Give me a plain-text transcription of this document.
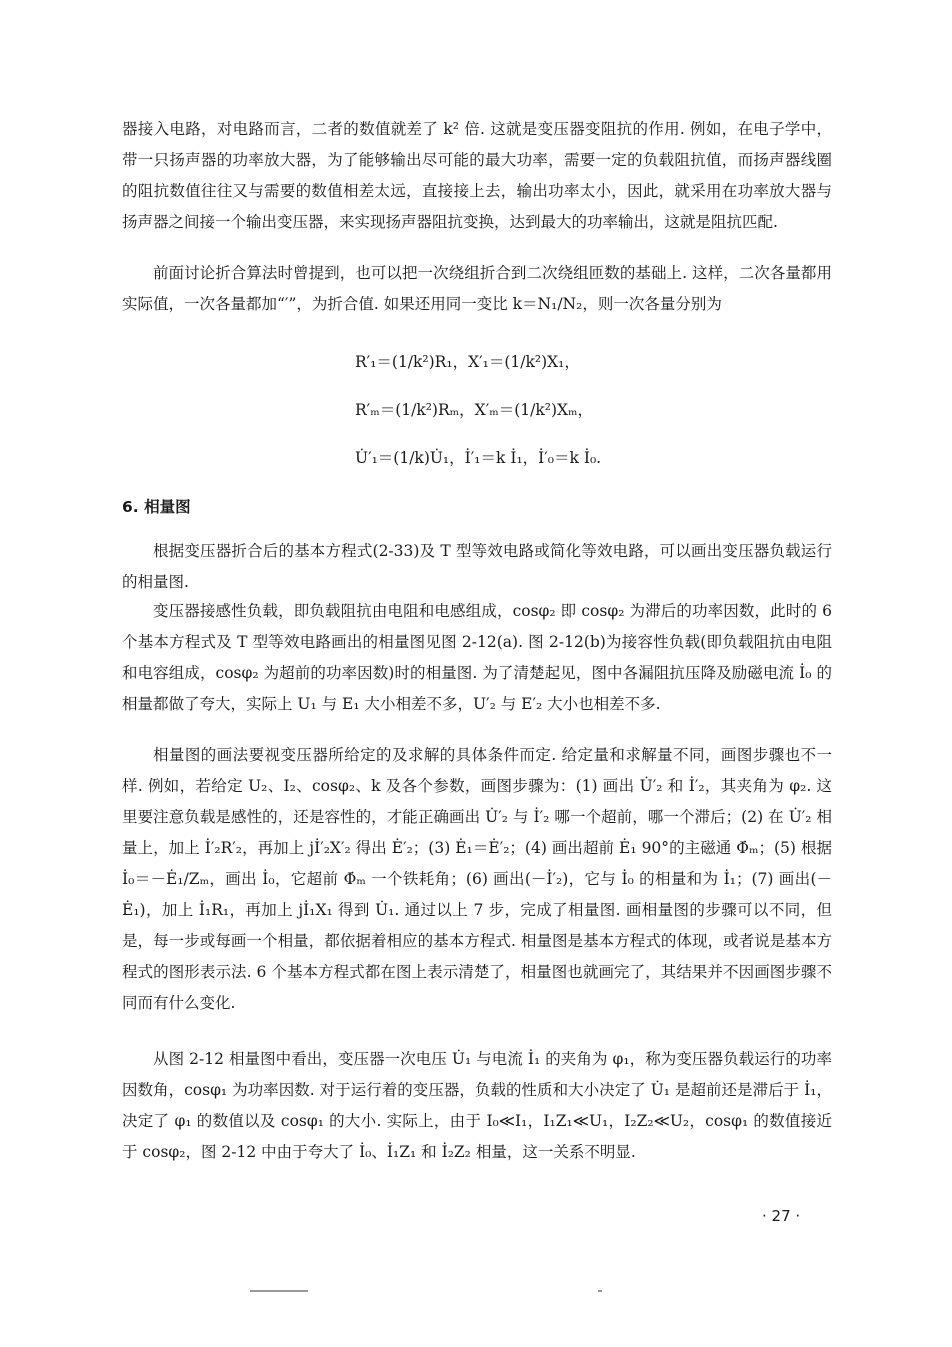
器接入电路，对电路而言，二者的数值就差了 k² 倍. 这就是变压器变阻抗的作用. 例如，在电子学中，带一只扬声器的功率放大器，为了能够输出尽可能的最大功率，需要一定的负载阻抗值，而扬声器线圈的阻抗数值往往又与需要的数值相差太远，直接接上去，输出功率太小，因此，就采用在功率放大器与扬声器之间接一个输出变压器，来实现扬声器阻抗变换，达到最大的功率输出，这就是阻抗匹配.

前面讨论折合算法时曾提到，也可以把一次绕组折合到二次绕组匝数的基础上. 这样，二次各量都用实际值，一次各量都加“′”，为折合值. 如果还用同一变比 k＝N₁/N₂，则一次各量分别为

R′₁＝(1/k²)R₁，X′₁＝(1/k²)X₁，
R′ₘ＝(1/k²)Rₘ，X′ₘ＝(1/k²)Xₘ，
U̇′₁＝(1/k)U̇₁，İ′₁＝k İ₁，İ′₀＝k İ₀.
6. 相量图

根据变压器折合后的基本方程式(2-33)及 T 型等效电路或简化等效电路，可以画出变压器负载运行的相量图.

变压器接感性负载，即负载阻抗由电阻和电感组成，cosφ₂ 即 cosφ₂ 为滞后的功率因数，此时的 6 个基本方程式及 T 型等效电路画出的相量图见图 2-12(a). 图 2-12(b)为接容性负载(即负载阻抗由电阻和电容组成，cosφ₂ 为超前的功率因数)时的相量图. 为了清楚起见，图中各漏阻抗压降及励磁电流 İ₀ 的相量都做了夸大，实际上 U₁ 与 E₁ 大小相差不多，U′₂ 与 E′₂ 大小也相差不多.

相量图的画法要视变压器所给定的及求解的具体条件而定. 给定量和求解量不同，画图步骤也不一样. 例如，若给定 U₂、I₂、cosφ₂、k 及各个参数，画图步骤为：(1) 画出 U̇′₂ 和 İ′₂，其夹角为 φ₂. 这里要注意负载是感性的，还是容性的，才能正确画出 U̇′₂ 与 İ′₂ 哪一个超前，哪一个滞后；(2) 在 U̇′₂ 相量上，加上 İ′₂R′₂，再加上 jİ′₂X′₂ 得出 Ė′₂；(3) Ė₁＝Ė′₂；(4) 画出超前 Ė₁ 90°的主磁通 Φ̇ₘ；(5) 根据 İ₀＝－Ė₁/Zₘ，画出 İ₀，它超前 Φ̇ₘ 一个铁耗角；(6) 画出(－İ′₂)，它与 İ₀ 的相量和为 İ₁；(7) 画出(－Ė₁)，加上 İ₁R₁，再加上 jİ₁X₁ 得到 U̇₁. 通过以上 7 步，完成了相量图. 画相量图的步骤可以不同，但是，每一步或每画一个相量，都依据着相应的基本方程式. 相量图是基本方程式的体现，或者说是基本方程式的图形表示法. 6 个基本方程式都在图上表示清楚了，相量图也就画完了，其结果并不因画图步骤不同而有什么变化.

从图 2-12 相量图中看出，变压器一次电压 U̇₁ 与电流 İ₁ 的夹角为 φ₁，称为变压器负载运行的功率因数角，cosφ₁ 为功率因数. 对于运行着的变压器，负载的性质和大小决定了 U̇₁ 是超前还是滞后于 İ₁，决定了 φ₁ 的数值以及 cosφ₁ 的大小. 实际上，由于 I₀≪I₁，I₁Z₁≪U₁，I₂Z₂≪U₂，cosφ₁ 的数值接近于 cosφ₂，图 2-12 中由于夸大了 İ₀、İ₁Z₁ 和 İ₂Z₂ 相量，这一关系不明显.

· 27 ·
